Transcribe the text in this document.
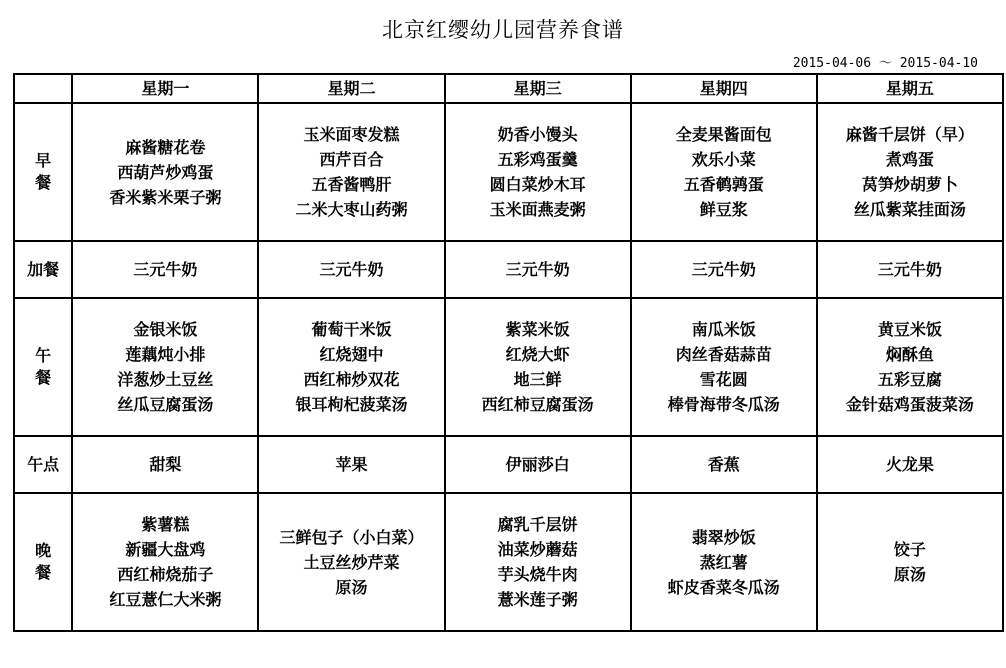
北京红缨幼儿园营养食谱
2015-04-06 ～ 2015-04-10
	星期一	星期二	星期三	星期四	星期五

早
餐	麻酱糖花卷
西葫芦炒鸡蛋
香米紫米栗子粥	玉米面枣发糕
西芹百合
五香酱鸭肝
二米大枣山药粥	奶香小馒头
五彩鸡蛋羹
圆白菜炒木耳
玉米面燕麦粥	全麦果酱面包
欢乐小菜
五香鹌鹑蛋
鲜豆浆	麻酱千层饼（早）
煮鸡蛋
莴笋炒胡萝卜
丝瓜紫菜挂面汤

加餐	三元牛奶	三元牛奶	三元牛奶	三元牛奶	三元牛奶

午
餐	金银米饭
莲藕炖小排
洋葱炒土豆丝
丝瓜豆腐蛋汤	葡萄干米饭
红烧翅中
西红柿炒双花
银耳枸杞菠菜汤	紫菜米饭
红烧大虾
地三鲜
西红柿豆腐蛋汤	南瓜米饭
肉丝香菇蒜苗
雪花圆
棒骨海带冬瓜汤	黄豆米饭
焖酥鱼
五彩豆腐
金针菇鸡蛋菠菜汤

午点	甜梨	苹果	伊丽莎白	香蕉	火龙果

晚
餐	紫薯糕
新疆大盘鸡
西红柿烧茄子
红豆薏仁大米粥	三鲜包子（小白菜）
土豆丝炒芹菜
原汤	腐乳千层饼
油菜炒蘑菇
芋头烧牛肉
薏米莲子粥	翡翠炒饭
蒸红薯
虾皮香菜冬瓜汤	饺子
原汤
